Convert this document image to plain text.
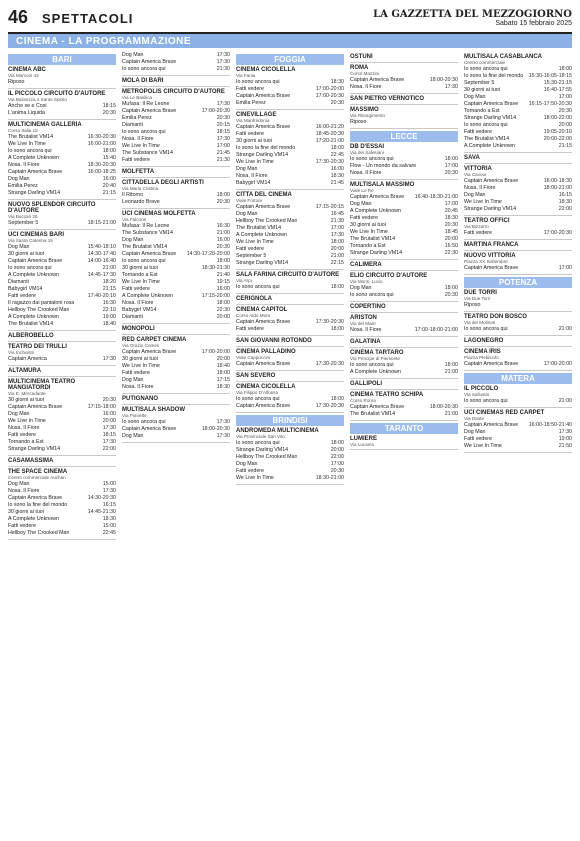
46 SPETTACOLI	LA GAZZETTA DEL MEZZOGIORNO
Sabato 15 febbraio 2025
CINEMA - LA PROGRAMMAZIONE
BARI
CINEMA ABC
Via Marconi 43
Riposo
IL PICCOLO CIRCUITO D'AUTORE
Via Bainsizza 4 Santo Spirito
Anche se e Cosi	18:15
L'anima Liquida	20:30
MULTICINEMA GALLERIA
Corso Italia 15
The Brutalist VM14	16:30-20:30
We Live In Time	16:00-21:00
Io sono ancora qui	18:00
A Complete Unknown	15:40
Nosa. Il Fiore	18:30-20:30
Captain America Brave	16:00-18:25
Dog Man	16:00
Emilia Perez	20:40
Strange Darling VM14	21:15
NUOVO SPLENDOR CIRCUITO D'AUTORE
Via Buccari 28
September 5	18:15-21:00
UCI CINEMAS BARI
Via Santa Caterina 19
Dog Man	15:40-18:10
30 giorni ai tuoi	14:30-17:40
Captain America Brave	14:00-16:40
Io sono ancora qui	21:00
A Complete Unknown	14:45-17:30
Diamanti	18:20
Babygirl VM14	21:15
Fatti vedere	17:40-20:10
Il ragazzo dai pantaloni rosa	16:30
Hellboy The Crooked Man	22:10
A Complete Unknown	19:00
The Brutalist VM14	18:40
ALBEROBELLO
TEATRO DEI TRULLI
Via Inchiostri
Captain America	17:30
ALTAMURA
MULTICINEMA TEATRO MANGIATORDI
Via E. Mercadante
30 giorni ai tuoi	20:30
Captain America Brave	17:15-18:00
Dog Man	16:00
We Live In Time	20:00
Nosa. Il Fiore	17:30
Fatti vedere	18:15
Tornando a Est	17:30
Strange Darling VM14	22:00
CASAMASSIMA
THE SPACE CINEMA
Centro commerciale Auchan
Dog Man	15:00
Nosa. Il Fiore	17:30
Captain America Brave	14:30-20:30
Io sono la fine del mondo	16:15
30 giorni ai tuoi	14:45-21:30
A Complete Unknown	18:30
Fatti vedere	15:00
Hellboy The Crooked Man	22:45
Dog Man	17:30
Captain America Brave	17:30
Io sono ancora qui	21:30
MOLA DI BARI
METROPOLIS CIRCUITO D'AUTORE
Via Le Basilica
Mufasa: Il Re Leone	17:30
Captain America Brave	17:00-20:30
Emilia Perez	20:30
Diamanti	20:15
Io sono ancora qui	18:15
Nosa. Il Fiore	17:30
We Live In Time	17:00
The Substance VM14	21:45
Fatti vedere	21:30
MOLFETTA
CITTADELLA DEGLI ARTISTI
Via Maria Cristina
Il Ritorno	18:00
Leonardo Brave	20:30
UCI CINEMAS MOLFETTA
Via Falcone
Mufasa: Il Re Leone	16:30
The Substance VM14	21:00
Dog Man	16:00
The Brutalist VM14	20:30
Captain America Brave 14:30-17:20-20:00
Io sono ancora qui	18:00
30 giorni ai tuoi	18:30-21:30
Tornando a Est	21:40
We Live In Time	19:15
Fatti vedere	16:00
A Complete Unknown	17:15-20:00
Nosa. Il Fiore	18:00
Babygirl VM14	22:30
Diamanti	20:00
MONOPOLI
RED CARPET CINEMA
Via Orazio Comes
Captain America Brave	17:00-20:00
30 giorni ai tuoi	20:00
We Live In Time	18:40
Fatti vedere	18:00
Dog Man	17:15
Nosa. Il Fiore	18:30
PUTIGNANO
MULTISALA SHADOW
Via Pianette
Io sono ancora qui	17:30
Captain America Brave	18:00-20:30
Dog Man	17:30
FOGGIA
CINEMA CICOLELLA
Via Fania
Io sono ancora qui	18:30
Fatti vedere	17:00-20:00
Captain America Brave	17:00-20:30
Emilia Perez	20:30
CINEVILLAGE
Via Manfredonia
Captain America Brave	16:00-21:20
Fatti vedere	18:45-20:30
30 giorni ai tuoi	17:20-21:00
Io sono la fine del mondo	18:00
Strange Darling VM14	22:45
We Live In Time	17:30-20:30
Dog Man	16:00
Nosa. Il Fiore	18:30
Babygirl VM14	21:45
CITTA DEL CINEMA
Viale Fortore
Captain America Brave	17:15-20:15
Dog Man	16:45
Hellboy The Crooked Man	21:30
The Brutalist VM14	17:00
A Complete Unknown	17:30
We Live In Time	18:00
Fatti vedere	20:00
September 5	21:00
Strange Darling VM14	22:15
SALA FARINA CIRCUITO D'AUTORE
Via Arpi
Io sono ancora qui	18:00
CERIGNOLA
CINEMA CAPITOL
Corso Aldo Moro
Captain America Brave	17:30-20:30
Fatti vedere	18:00
SAN GIOVANNI ROTONDO
CINEMA PALLADINO
Viale Cappuccini
Captain America Brave	17:30-20:30
SAN SEVERO
CINEMA CICOLELLA
Via Filippo D'Alfonso
Io sono ancora qui	18:00
Captain America Brave	17:30-20:30
BRINDISI
ANDROMEDA MULTICINEMA
Via Provinciale San Vito
Io sono ancora qui	18:00
Strange Darling VM14	20:00
Hellboy The Crooked Man	22:00
Dog Man	17:00
Fatti vedere	20:30
We Live In Time	18:30-21:00
OSTUNI
ROMA
Corso Mazzini
Captain America Brave	18:00-20:30
Nosa. Il Fiore	17:30
SAN PIETRO VERNOTICO
MASSIMO
Via Risorgimento
Riposo
LECCE
DB D'ESSAI
Via dei Salesiani
Io sono ancora qui	18:00
Flow - Un mondo da salvare	17:00
Nosa. Il Fiore	20:30
MULTISALA MASSIMO
Viale Lo Re
Captain America Brave 16:40-18:30-21:00
Dog Man	17:00
A Complete Unknown	20:45
Fatti vedere	18:30
30 giorni ai tuoi	20:30
We Live In Time	18:45
The Brutalist VM14	20:00
Tornando a Est	16:50
Strange Darling VM14	22:30
CALIMERA
ELIO CIRCUITO D'AUTORE
Via Mons. Lucio
Dog Man	18:00
Io sono ancora qui	20:30
COPERTINO
ARISTON
Via del Mare
Nosa. Il Fiore	17:00-18:00-21:00
GALATINA
CINEMA TARTARO
Via Principe di Piemonte
Io sono ancora qui	18:00
A Complete Unknown	21:00
GALLIPOLI
CINEMA TEATRO SCHIPA
Corso Roma
Captain America Brave	18:00-20:30
The Brutalist VM14	21:00
TARANTO
LUMIERE
Via Lucania
MULTISALA CASABLANCA
Centro commerciale
Io sono ancora qui	18:00
Io sono la fine del mondo 15:30-16:05-18:15
September 5	15:30-21:15
30 giorni ai tuoi	16:40-17:55
Dog Man	17:00
Captain America Brave 16:15-17:50-20:30
Tornando a Est	20:30
Strange Darling VM14	18:00-22:00
Io sono ancora qui	20:00
Fatti vedere	19:05-20:10
The Brutalist VM14	20:00-22:00
A Complete Unknown	21:15
SAVA
VITTORIA
Via Cavour
Captain America Brave	16:00-18:30
Nosa. Il Fiore	18:00-21:00
Dog Man	16:15
We Live In Time	18:30
Strange Darling VM14	22:00
TEATRO OFFICI
Via Bizzarro
Fatti vedere	17:00-20:30
MARTINA FRANCA
NUOVO VITTORIA
Piazza XX Settembre
Captain America Brave	17:00
POTENZA
DUE TORRI
Via Due Torri
Riposo
TEATRO DON BOSCO
Via dei Molinari
Io sono ancora qui	21:00
LAGONEGRO
CINEMA IRIS
Piazza Plebiscito
Captain America Brave	17:00-20:00
MATERA
IL PICCOLO
Via Sallustio
Io sono ancora qui	21:00
UCI CINEMAS RED CARPET
Via Dante
Captain America Brave 16:00-18:50-21:40
Dog Man	17:30
Fatti vedere	19:00
We Live In Time	21:50
